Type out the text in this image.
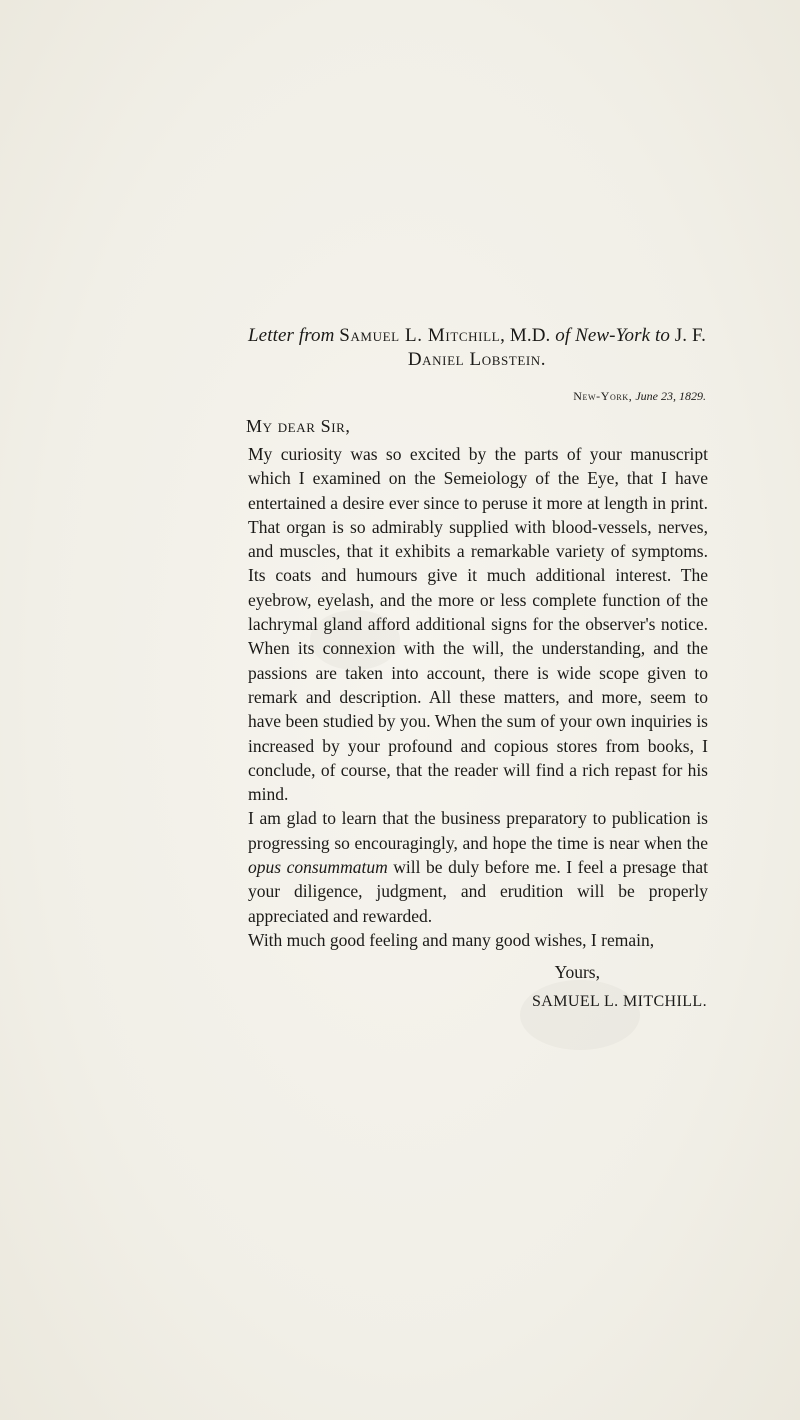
Letter from Samuel L. Mitchill, M.D. of New-York to J. F.
Daniel Lobstein.
New-York, June 23, 1829.
My dear Sir,

My curiosity was so excited by the parts of your manuscript which I examined on the Semeiology of the Eye, that I have entertained a desire ever since to peruse it more at length in print. That organ is so admirably supplied with blood-vessels, nerves, and muscles, that it exhibits a remarkable variety of symptoms. Its coats and humours give it much additional interest. The eyebrow, eyelash, and the more or less complete function of the lachrymal gland afford additional signs for the observer's notice. When its connexion with the will, the understanding, and the passions are taken into account, there is wide scope given to remark and description. All these matters, and more, seem to have been studied by you. When the sum of your own inquiries is increased by your profound and copious stores from books, I conclude, of course, that the reader will find a rich repast for his mind.

I am glad to learn that the business preparatory to publication is progressing so encouragingly, and hope the time is near when the opus consummatum will be duly before me. I feel a presage that your diligence, judgment, and erudition will be properly appreciated and rewarded.

With much good feeling and many good wishes, I remain,

Yours,
SAMUEL L. MITCHILL.
